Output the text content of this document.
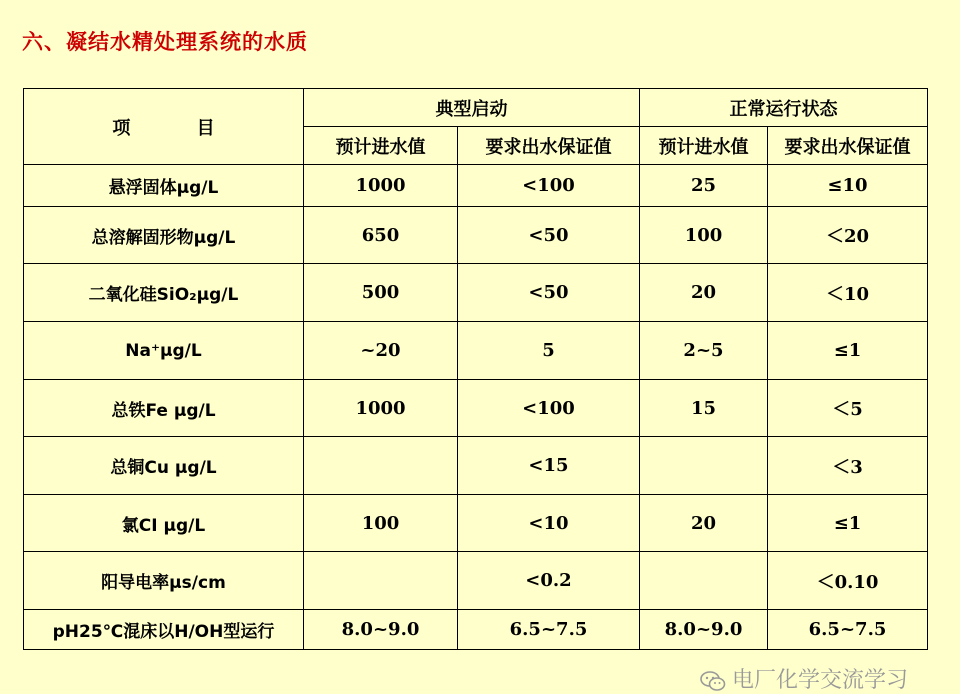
六、凝结水精处理系统的水质
项 目	典型启动		正常运行状态	
	预计进水值	要求出水保证值	预计进水值	要求出水保证值
悬浮固体μg/L	1000	<100	25	≤10
总溶解固形物μg/L	650	<50	100	＜20
二氧化硅SiO₂μg/L	500	<50	20	＜10
Na⁺μg/L	~20	5	2~5	≤1
总铁Fe μg/L	1000	<100	15	＜5
总铜Cu μg/L		<15		＜3
氯CI μg/L	100	<10	20	≤1
阳导电率μs/cm		<0.2		＜0.10
pH25℃混床以H/OH型运行	8.0~9.0	6.5~7.5	8.0~9.0	6.5~7.5
电厂化学交流学习
